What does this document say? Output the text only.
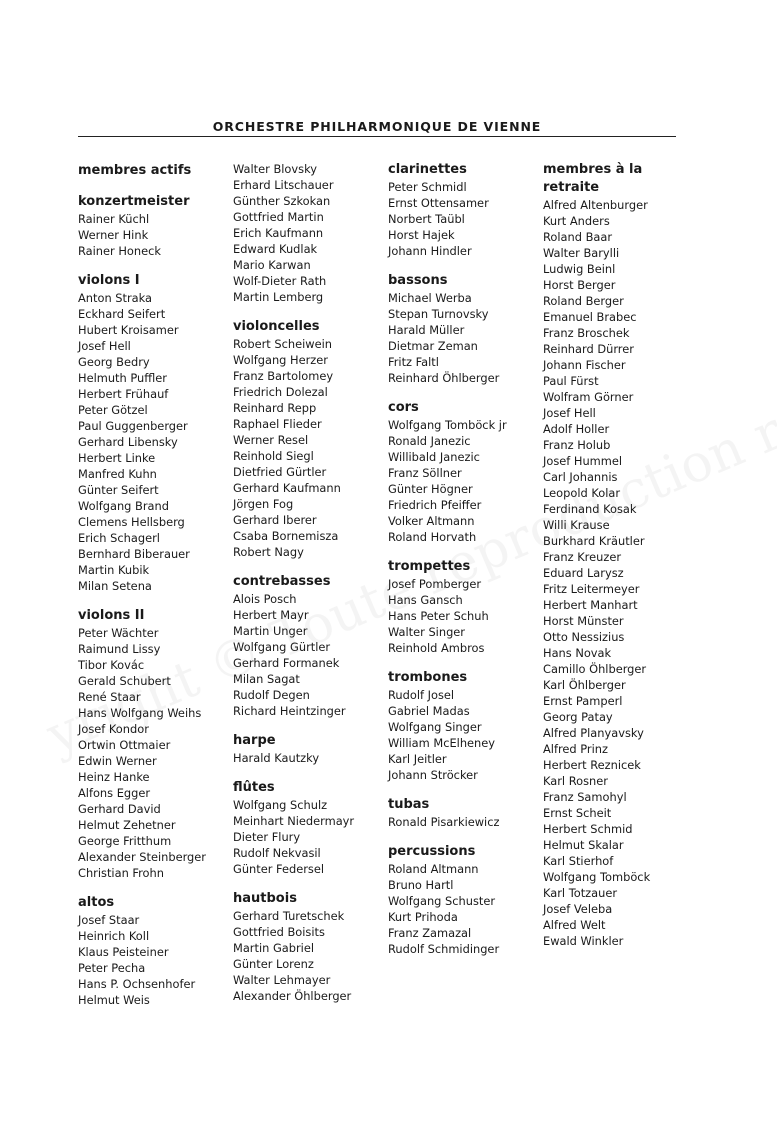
ORCHESTRE PHILHARMONIQUE DE VIENNE
membres actifs
konzertmeister
Rainer Küchl
Werner Hink
Rainer Honeck
violons I
Anton Straka
Eckhard Seifert
Hubert Kroisamer
Josef Hell
Georg Bedry
Helmuth Puffler
Herbert Frühauf
Peter Götzel
Paul Guggenberger
Gerhard Libensky
Herbert Linke
Manfred Kuhn
Günter Seifert
Wolfgang Brand
Clemens Hellsberg
Erich Schagerl
Bernhard Biberauer
Martin Kubik
Milan Setena
violons II
Peter Wächter
Raimund Lissy
Tibor Kovác
Gerald Schubert
René Staar
Hans Wolfgang Weihs
Josef Kondor
Ortwin Ottmaier
Edwin Werner
Heinz Hanke
Alfons Egger
Gerhard David
Helmut Zehetner
George Fritthum
Alexander Steinberger
Christian Frohn
altos
Josef Staar
Heinrich Koll
Klaus Peisteiner
Peter Pecha
Hans P. Ochsenhofer
Helmut Weis
Walter Blovsky
Erhard Litschauer
Günther Szkokan
Gottfried Martin
Erich Kaufmann
Edward Kudlak
Mario Karwan
Wolf-Dieter Rath
Martin Lemberg
violoncelles
Robert Scheiwein
Wolfgang Herzer
Franz Bartolomey
Friedrich Dolezal
Reinhard Repp
Raphael Flieder
Werner Resel
Reinhold Siegl
Dietfried Gürtler
Gerhard Kaufmann
Jörgen Fog
Gerhard Iberer
Csaba Bornemisza
Robert Nagy
contrebasses
Alois Posch
Herbert Mayr
Martin Unger
Wolfgang Gürtler
Gerhard Formanek
Milan Sagat
Rudolf Degen
Richard Heintzinger
harpe
Harald Kautzky
flûtes
Wolfgang Schulz
Meinhart Niedermayr
Dieter Flury
Rudolf Nekvasil
Günter Federsel
hautbois
Gerhard Turetschek
Gottfried Boisits
Martin Gabriel
Günter Lorenz
Walter Lehmayer
Alexander Öhlberger
clarinettes
Peter Schmidl
Ernst Ottensamer
Norbert Taübl
Horst Hajek
Johann Hindler
bassons
Michael Werba
Stepan Turnovsky
Harald Müller
Dietmar Zeman
Fritz Faltl
Reinhard Öhlberger
cors
Wolfgang Tomböck jr
Ronald Janezic
Willibald Janezic
Franz Söllner
Günter Högner
Friedrich Pfeiffer
Volker Altmann
Roland Horvath
trompettes
Josef Pomberger
Hans Gansch
Hans Peter Schuh
Walter Singer
Reinhold Ambros
trombones
Rudolf Josel
Gabriel Madas
Wolfgang Singer
William McElheney
Karl Jeitler
Johann Ströcker
tubas
Ronald Pisarkiewicz
percussions
Roland Altmann
Bruno Hartl
Wolfgang Schuster
Kurt Prihoda
Franz Zamazal
Rudolf Schmidinger
membres à la retraite
Alfred Altenburger
Kurt Anders
Roland Baar
Walter Barylli
Ludwig Beinl
Horst Berger
Roland Berger
Emanuel Brabec
Franz Broschek
Reinhard Dürrer
Johann Fischer
Paul Fürst
Wolfram Görner
Josef Hell
Adolf Holler
Franz Holub
Josef Hummel
Carl Johannis
Leopold Kolar
Ferdinand Kosak
Willi Krause
Burkhard Kräutler
Franz Kreuzer
Eduard Larysz
Fritz Leitermeyer
Herbert Manhart
Horst Münster
Otto Nessizius
Hans Novak
Camillo Öhlberger
Karl Öhlberger
Ernst Pamperl
Georg Patay
Alfred Planyavsky
Alfred Prinz
Herbert Reznicek
Karl Rosner
Franz Samohyl
Ernst Scheit
Herbert Schmid
Helmut Skalar
Karl Stierhof
Wolfgang Tomböck
Karl Totzauer
Josef Veleba
Alfred Welt
Ewald Winkler
